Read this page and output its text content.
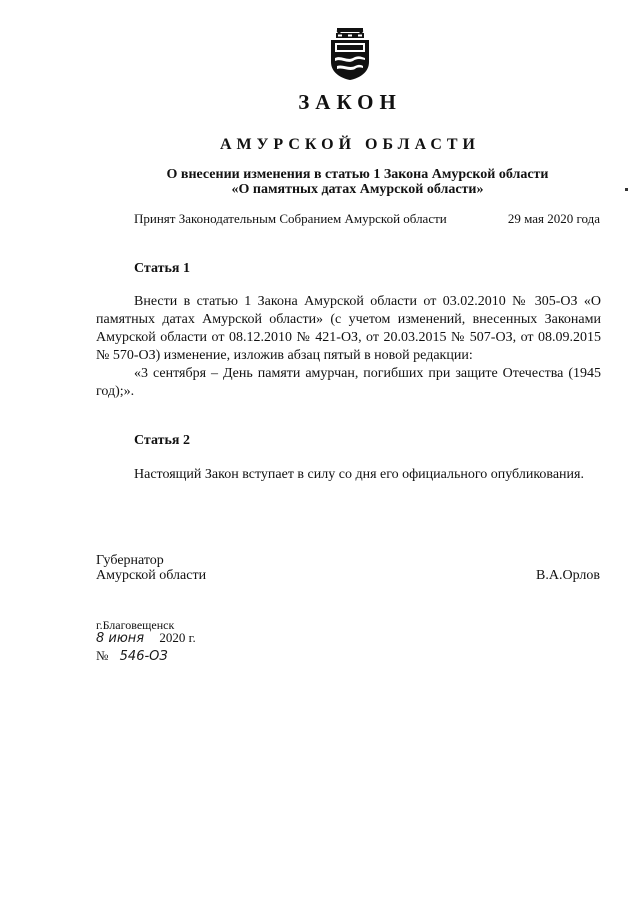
ЗАКОН
АМУРСКОЙ ОБЛАСТИ
О внесении изменения в статью 1 Закона Амурской области
«О памятных датах Амурской области»
Принят Законодательным Собранием Амурской области	29 мая 2020 года
Статья 1

Внести в статью 1 Закона Амурской области от 03.02.2010 № 305-ОЗ «О памятных датах Амурской области» (с учетом изменений, внесенных Законами Амурской области от 08.12.2010 № 421-ОЗ, от 20.03.2015 № 507-ОЗ, от 08.09.2015 № 570-ОЗ) изменение, изложив абзац пятый в новой редакции:

«3 сентября – День памяти амурчан, погибших при защите Отечества (1945 год);».

Статья 2

Настоящий Закон вступает в силу со дня его официального опубликования.

Губернатор
Амурской области	В.А.Орлов
г.Благовещенск
8 июня 2020 г.
№ 546-ОЗ
